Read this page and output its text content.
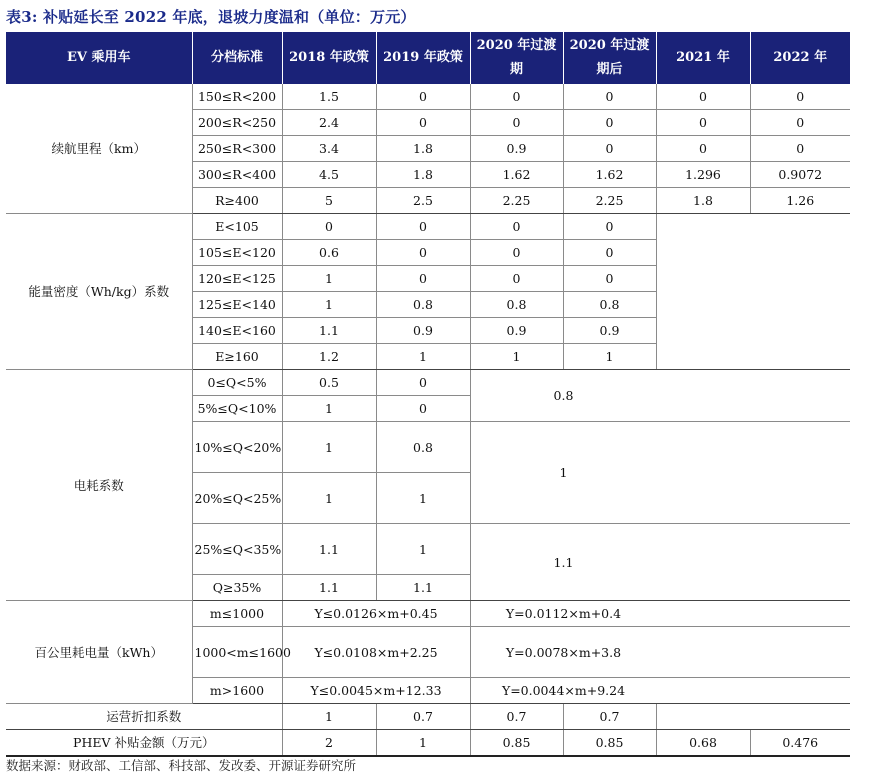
表3: 补贴延长至 2022 年底，退坡力度温和（单位：万元）
EV 乘用车	分档标准	2018 年政策	2019 年政策	2020 年过渡期	2020 年过渡期后	2021 年	2022 年
续航里程（km）	150≤R<200	1.5	0	0	0	0	0
	200≤R<250	2.4	0	0	0	0	0
	250≤R<300	3.4	1.8	0.9	0	0	0
	300≤R<400	4.5	1.8	1.62	1.62	1.296	0.9072
	R≥400	5	2.5	2.25	2.25	1.8	1.26
能量密度（Wh/kg）系数	E<105	0	0	0	0		
	105≤E<120	0.6	0	0	0		
	120≤E<125	1	0	0	0		
	125≤E<140	1	0.8	0.8	0.8		
	140≤E<160	1.1	0.9	0.9	0.9		
	E≥160	1.2	1	1	1		
电耗系数	0≤Q<5%	0.5	0	0.8			
	5%≤Q<10%	1	0				
	10%≤Q<20%	1	0.8	1			
	20%≤Q<25%	1	1				
	25%≤Q<35%	1.1	1	1.1			
	Q≥35%	1.1	1.1				
百公里耗电量（kWh）	m≤1000	Y≤0.0126×m+0.45		Y=0.0112×m+0.4			
	1000<m≤1600	Y≤0.0108×m+2.25		Y=0.0078×m+3.8			
	m>1600	Y≤0.0045×m+12.33		Y=0.0044×m+9.24			
运营折扣系数		1	0.7	0.7	0.7		
PHEV 补贴金额（万元）		2	1	0.85	0.85	0.68	0.476
数据来源：财政部、工信部、科技部、发改委、开源证券研究所
